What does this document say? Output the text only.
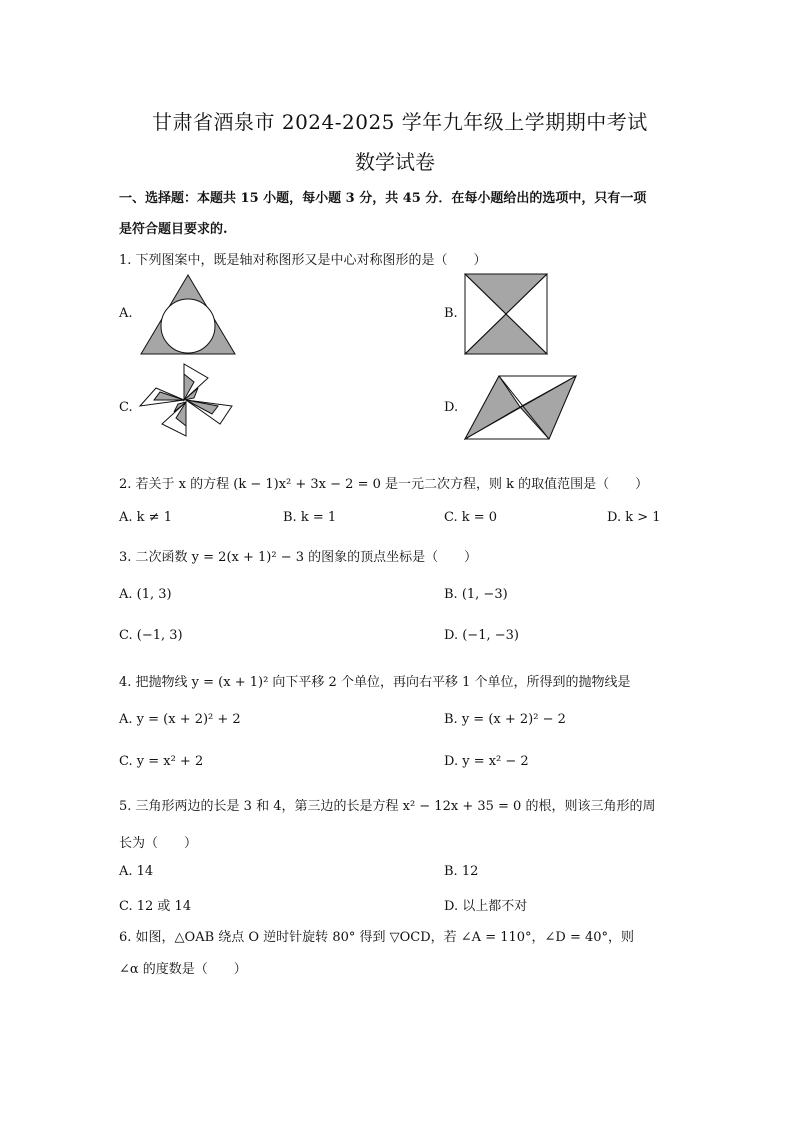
甘肃省酒泉市 2024-2025 学年九年级上学期期中考试
数学试卷
一、选择题：本题共 15 小题，每小题 3 分，共 45 分．在每小题给出的选项中，只有一项
是符合题目要求的.
1. 下列图案中，既是轴对称图形又是中心对称图形的是（　　）
A.	B.
C.	D.
2. 若关于 x 的方程 (k − 1)x² + 3x − 2 = 0 是一元二次方程，则 k 的取值范围是（　　）
A. k ≠ 1	B. k = 1	C. k = 0	D. k > 1
3. 二次函数 y = 2(x + 1)² − 3 的图象的顶点坐标是（　　）
A. (1, 3)	B. (1, −3)
C. (−1, 3)	D. (−1, −3)
4. 把抛物线 y = (x + 1)² 向下平移 2 个单位，再向右平移 1 个单位，所得到的抛物线是
A. y = (x + 2)² + 2	B. y = (x + 2)² − 2
C. y = x² + 2	D. y = x² − 2
5. 三角形两边的长是 3 和 4，第三边的长是方程 x² − 12x + 35 = 0 的根，则该三角形的周
长为（　　）
A. 14	B. 12
C. 12 或 14	D. 以上都不对
6. 如图，△OAB 绕点 O 逆时针旋转 80° 得到 ▽OCD，若 ∠A = 110°，∠D = 40°，则
∠α 的度数是（　　）
